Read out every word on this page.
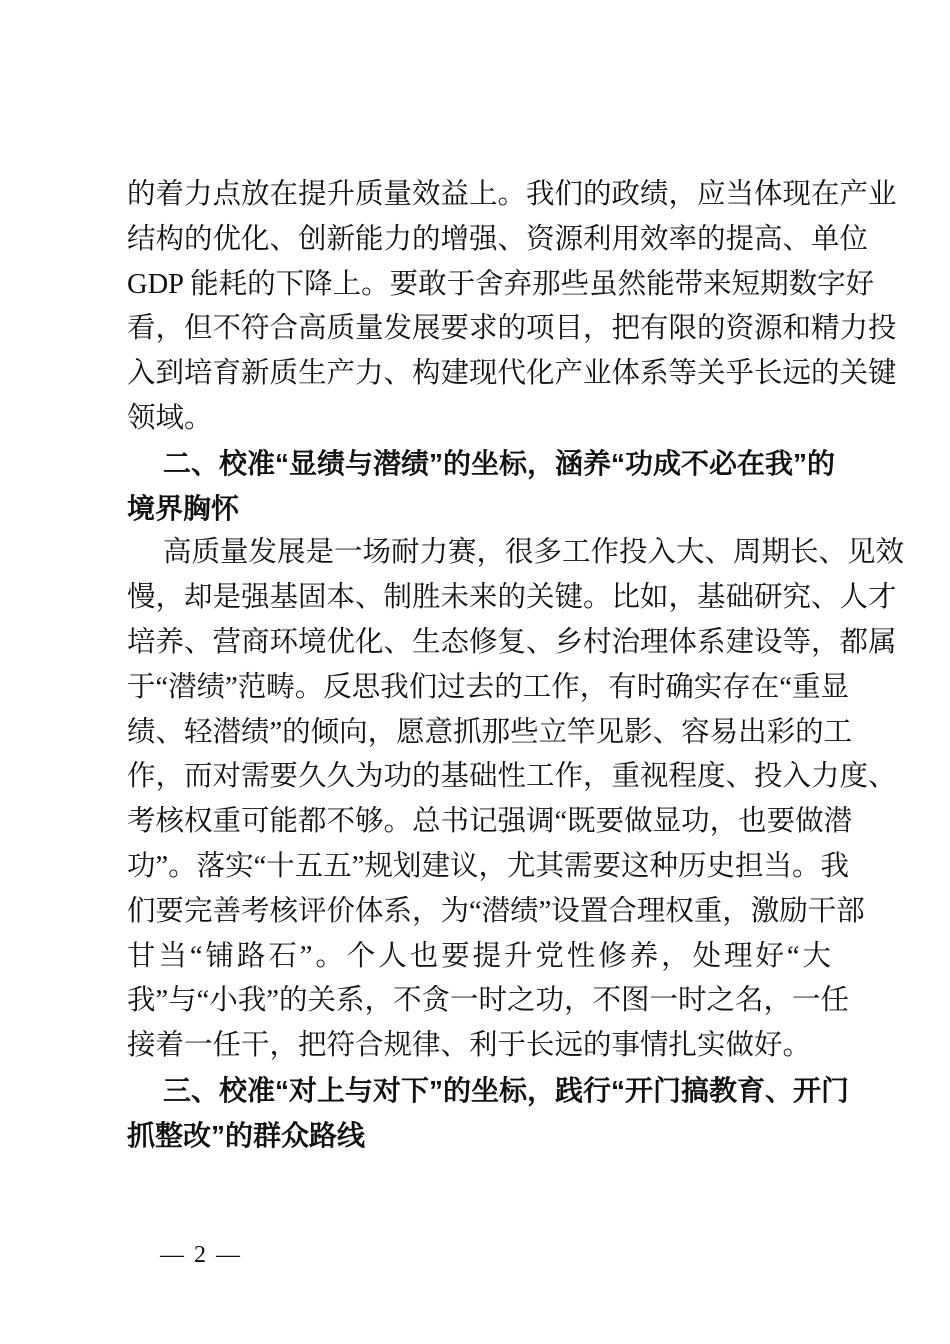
的着力点放在提升质量效益上。我们的政绩，应当体现在产业
结构的优化、创新能力的增强、资源利用效率的提高、单位
GDP 能耗的下降上。要敢于舍弃那些虽然能带来短期数字好
看，但不符合高质量发展要求的项目，把有限的资源和精力投
入到培育新质生产力、构建现代化产业体系等关乎长远的关键
领域。
二、校准“显绩与潜绩”的坐标，涵养“功成不必在我”的
境界胸怀
高质量发展是一场耐力赛，很多工作投入大、周期长、见效
慢，却是强基固本、制胜未来的关键。比如，基础研究、人才
培养、营商环境优化、生态修复、乡村治理体系建设等，都属
于“潜绩”范畴。反思我们过去的工作，有时确实存在“重显
绩、轻潜绩”的倾向，愿意抓那些立竿见影、容易出彩的工
作，而对需要久久为功的基础性工作，重视程度、投入力度、
考核权重可能都不够。总书记强调“既要做显功，也要做潜
功”。落实“十五五”规划建议，尤其需要这种历史担当。我
们要完善考核评价体系，为“潜绩”设置合理权重，激励干部
甘当“铺路石”。个人也要提升党性修养，处理好“大
我”与“小我”的关系，不贪一时之功，不图一时之名，一任
接着一任干，把符合规律、利于长远的事情扎实做好。
三、校准“对上与对下”的坐标，践行“开门搞教育、开门
抓整改”的群众路线
— 2 —
